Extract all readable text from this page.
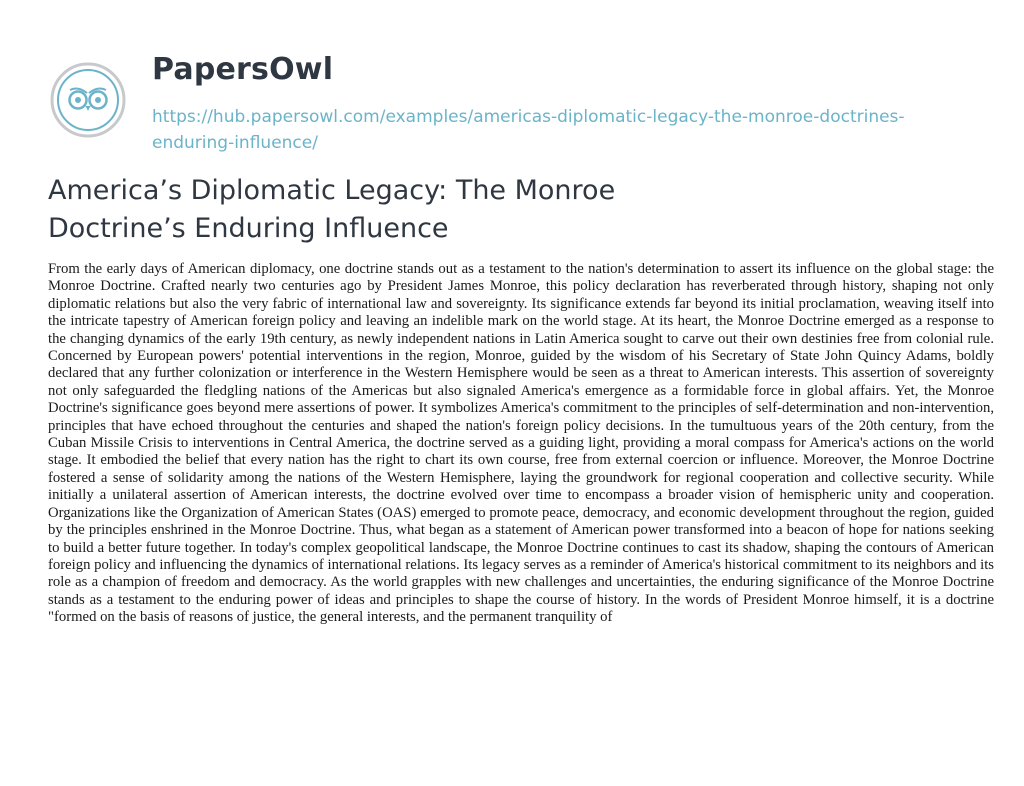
PapersOwl
https://hub.papersowl.com/examples/americas-diplomatic-legacy-the-monroe-doctrines-
enduring-influence/
America’s Diplomatic Legacy: The Monroe Doctrine’s Enduring Influence

From the early days of American diplomacy, one doctrine stands out as a testament to the nation's determination to assert its influence on the global stage: the Monroe Doctrine. Crafted nearly two centuries ago by President James Monroe, this policy declaration has reverberated through history, shaping not only diplomatic relations but also the very fabric of international law and sovereignty. Its significance extends far beyond its initial proclamation, weaving itself into the intricate tapestry of American foreign policy and leaving an indelible mark on the world stage. At its heart, the Monroe Doctrine emerged as a response to the changing dynamics of the early 19th century, as newly independent nations in Latin America sought to carve out their own destinies free from colonial rule. Concerned by European powers' potential interventions in the region, Monroe, guided by the wisdom of his Secretary of State John Quincy Adams, boldly declared that any further colonization or interference in the Western Hemisphere would be seen as a threat to American interests. This assertion of sovereignty not only safeguarded the fledgling nations of the Americas but also signaled America's emergence as a formidable force in global affairs. Yet, the Monroe Doctrine's significance goes beyond mere assertions of power. It symbolizes America's commitment to the principles of self-determination and non-intervention, principles that have echoed throughout the centuries and shaped the nation's foreign policy decisions. In the tumultuous years of the 20th century, from the Cuban Missile Crisis to interventions in Central America, the doctrine served as a guiding light, providing a moral compass for America's actions on the world stage. It embodied the belief that every nation has the right to chart its own course, free from external coercion or influence. Moreover, the Monroe Doctrine fostered a sense of solidarity among the nations of the Western Hemisphere, laying the groundwork for regional cooperation and collective security. While initially a unilateral assertion of American interests, the doctrine evolved over time to encompass a broader vision of hemispheric unity and cooperation. Organizations like the Organization of American States (OAS) emerged to promote peace, democracy, and economic development throughout the region, guided by the principles enshrined in the Monroe Doctrine. Thus, what began as a statement of American power transformed into a beacon of hope for nations seeking to build a better future together. In today's complex geopolitical landscape, the Monroe Doctrine continues to cast its shadow, shaping the contours of American foreign policy and influencing the dynamics of international relations. Its legacy serves as a reminder of America's historical commitment to its neighbors and its role as a champion of freedom and democracy. As the world grapples with new challenges and uncertainties, the enduring significance of the Monroe Doctrine stands as a testament to the enduring power of ideas and principles to shape the course of history. In the words of President Monroe himself, it is a doctrine "formed on the basis of reasons of justice, the general interests, and the permanent tranquility of
